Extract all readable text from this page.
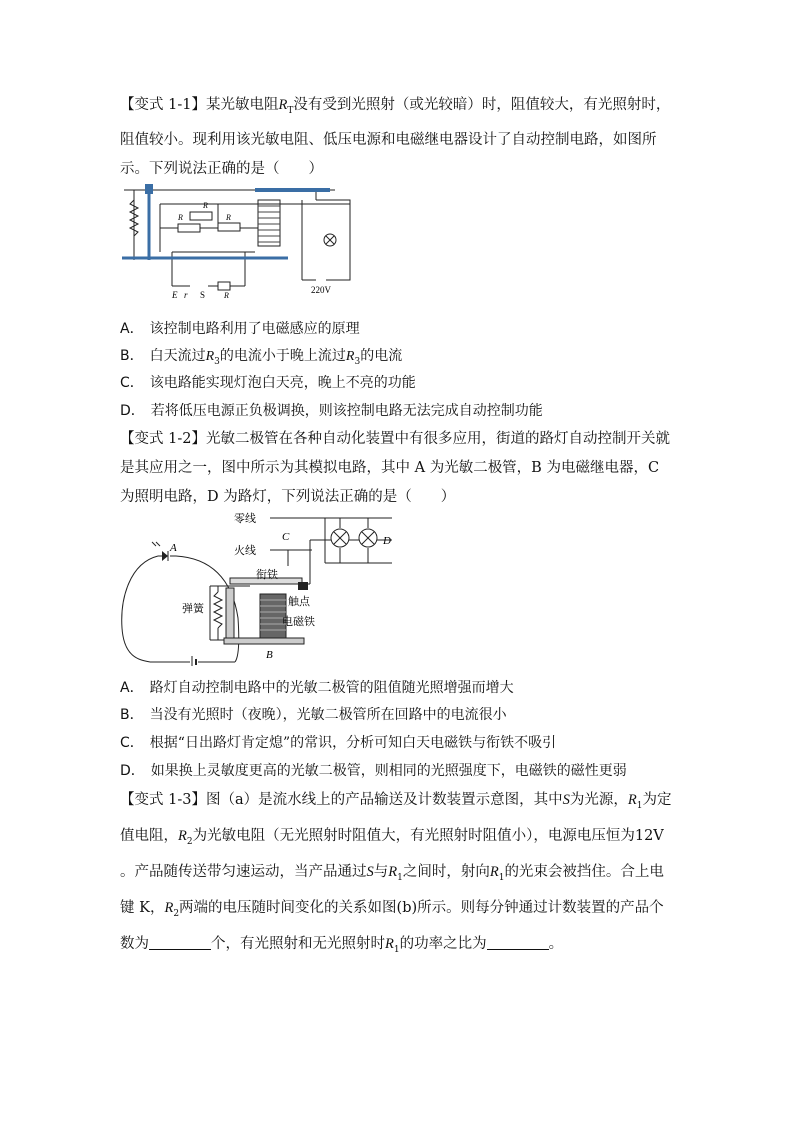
【变式 1-1】某光敏电阻$R_T$没有受到光照射（或光较暗）时，阻值较大，有光照射时，阻值较小。现利用该光敏电阻、低压电源和电磁继电器设计了自动控制电路，如图所示。下列说法正确的是（　　）
R
R	R
R
E r S	220V
A． 该控制电路利用了电磁感应的原理
B． 白天流过$R_3$的电流小于晚上流过$R_3$的电流
C． 该电路能实现灯泡白天亮，晚上不亮的功能
D． 若将低压电源正负极调换，则该控制电路无法完成自动控制功能
【变式 1-2】光敏二极管在各种自动化装置中有很多应用，街道的路灯自动控制开关就是其应用之一，图中所示为其模拟电路，其中 A 为光敏二极管，B 为电磁继电器，C 为照明电路，D 为路灯，下列说法正确的是（　　）
零线
火线
C	D
A
衔铁
弹簧
触点
电磁铁
B
A． 路灯自动控制电路中的光敏二极管的阻值随光照增强而增大
B． 当没有光照时（夜晚），光敏二极管所在回路中的电流很小
C． 根据“日出路灯肯定熄”的常识，分析可知白天电磁铁与衔铁不吸引
D． 如果换上灵敏度更高的光敏二极管，则相同的光照强度下，电磁铁的磁性更弱
【变式 1-3】图（a）是流水线上的产品输送及计数装置示意图，其中S为光源，$R_1$为定值电阻，$R_2$为光敏电阻（无光照射时阻值大，有光照射时阻值小），电源电压恒为12V 。产品随传送带匀速运动，当产品通过S与$R_1$之间时，射向$R_1$的光束会被挡住。合上电键 K，$R_2$两端的电压随时间变化的关系如图(b)所示。则每分钟通过计数装置的产品个数为	个，有光照射和无光照射时$R_1$的功率之比为	。
